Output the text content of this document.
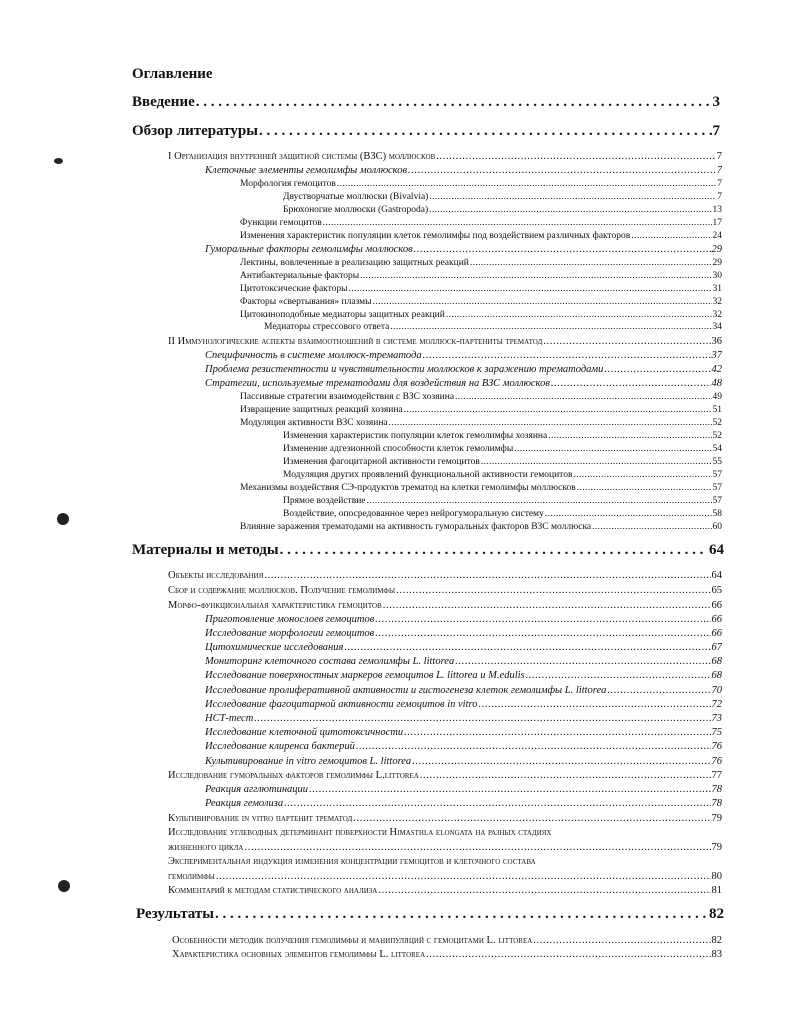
Оглавление
Введение . . .	3
Обзор литературы . . .	7
I Организация внутренней защитной системы (ВЗС) моллюсков . . .	7
Клеточные элементы гемолимфы моллюсков . . .	7
Морфология гемоцитов . . .	7
Двустворчатые моллюски (Bivalvia) . . .	7
Брюхоногие моллюски (Gastropoda) . . .	13
Функции гемоцитов . . .	17
Изменения характеристик популяции клеток гемолимфы под воздействием различных факторов . . .	24
Гуморальные факторы гемолимфы моллюсков . . .	29
Лектины, вовлеченные в реализацию защитных реакций . . .	29
Антибактериальные факторы . . .	30
Цитотоксические факторы . . .	31
Факторы «свертывания» плазмы . . .	32
Цитокиноподобные медиаторы защитных реакций . . .	32
Медиаторы стрессового ответа . . .	34
II Иммунологические аспекты взаимоотношений в системе моллюск-партениты трематод . . .	36
Специфичность в системе моллюск-трематода . . .	37
Проблема резистентности и чувствительности моллюсков к заражению трематодами . . .	42
Стратегии, используемые трематодами для воздействия на ВЗС моллюсков . . .	48
Пассивные стратегии взаимодействия с ВЗС хозяина . . .	49
Извращение защитных реакций хозяина . . .	51
Модуляция активности ВЗС хозяина . . .	52
Изменения характеристик популяции клеток гемолимфы хозяина . . .	52
Изменение адгезионной способности клеток гемолимфы . . .	54
Изменения фагоцитарной активности гемоцитов . . .	55
Модуляция других проявлений функциональной активности гемоцитов . . .	57
Механизмы воздействия СЭ-продуктов трематод на клетки гемолимфы моллюсков . . .	57
Прямое воздействие . . .	57
Воздействие, опосредованное через нейрогуморальную систему . . .	58
Влияние заражения трематодами на активность гуморальных факторов ВЗС моллюска . . .	60
Материалы и методы . . .	64
Объекты исследования . . .	64
Сбор и содержание моллюсков. Получение гемолимфы . . .	65
Морфо-функциональная характеристика гемоцитов . . .	66
Приготовление монослоев гемоцитов . . .	66
Исследование морфологии гемоцитов . . .	66
Цитохимические исследования . . .	67
Мониторинг клеточного состава гемолимфы L. littorea . . .	68
Исследование поверхностных маркеров гемоцитов L. littorea и M.edulis . . .	68
Исследование пролиферативной активности и гистогенеза клеток гемолимфы L. littorea . . .	70
Исследование фагоцитарной активности гемоцитов in vitro . . .	72
НСТ-тест . . .	73
Исследование клеточной цитотоксичности . . .	75
Исследование клиренса бактерий . . .	76
Культивирование in vitro гемоцитов L. littorea . . .	76
Исследование гуморальных факторов гемолимфы L.littorea . . .	77
Реакция агглютинации . . .	78
Реакция гемолиза . . .	78
Культивирование in vitro партенит трематод . . .	79
Исследование углеводных детерминант поверхности Himasthla elongata на разных стадиях
жизненного цикла . . .	79
Экспериментальная индукция изменения концентрации гемоцитов и клеточного состава
гемолимфы . . .	80
Комментарий к методам статистического анализа . . .	81
Результаты . . .	82
Особенности методик получения гемолимфы и манипуляций с гемоцитами L. littorea . . .	82
Характеристика основных элементов гемолимфы L. littorea . . .	83
